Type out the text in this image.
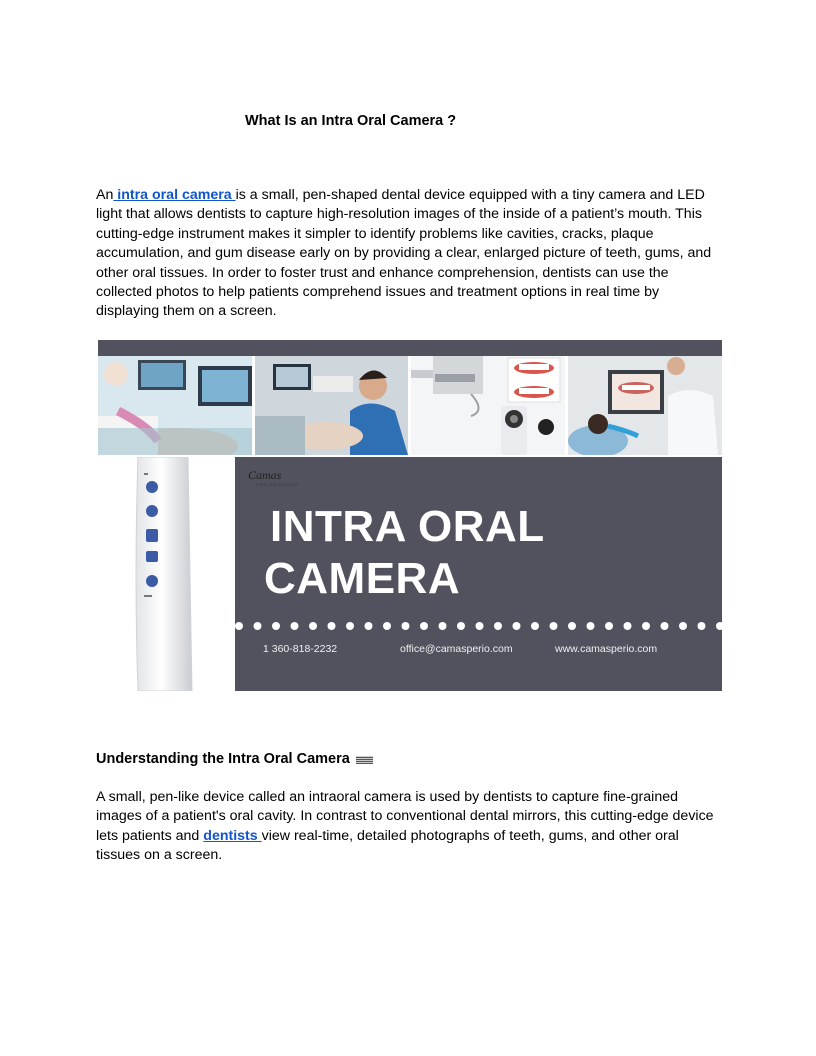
What Is an Intra Oral Camera ?

An intra oral camera is a small, pen-shaped dental device equipped with a tiny camera and LED light that allows dentists to capture high-resolution images of the inside of a patient’s mouth. This cutting-edge instrument makes it simpler to identify problems like cavities, cracks, plaque accumulation, and gum disease early on by providing a clear, enlarged picture of teeth, gums, and other oral tissues. In order to foster trust and enhance comprehension, dentists can use the collected photos to help patients comprehend issues and treatment options in real time by displaying them on a screen.

Camas
PERIODONTICS
INTRA ORAL
CAMERA
1 360-818-2232	office@camasperio.com	www.camasperio.com
Understanding the Intra Oral Camera

A small, pen-like device called an intraoral camera is used by dentists to capture fine-grained images of a patient's oral cavity. In contrast to conventional dental mirrors, this cutting-edge device lets patients and dentists view real-time, detailed photographs of teeth, gums, and other oral tissues on a screen.
